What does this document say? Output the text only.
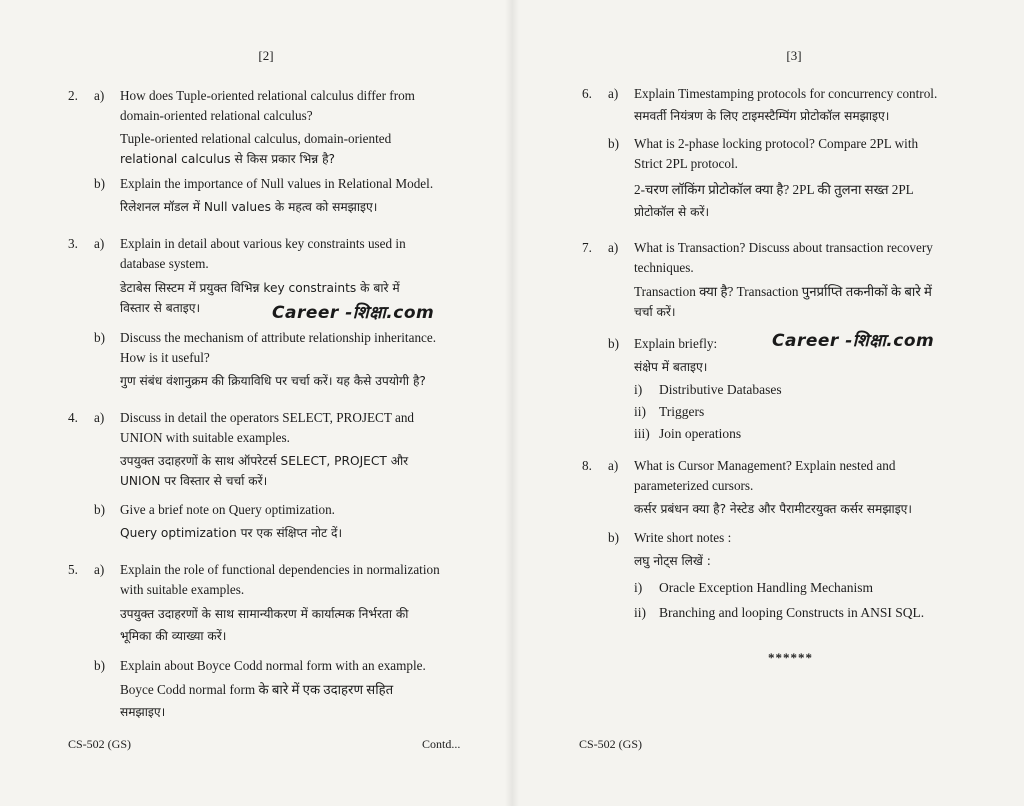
[2]
2.	a) How does Tuple-oriented relational calculus differ from
domain-oriented relational calculus?
Tuple-oriented relational calculus, domain-oriented
relational calculus से किस प्रकार भिन्न है?
b) Explain the importance of Null values in Relational Model.
रिलेशनल मॉडल में Null values के महत्व को समझाइए।
3.	a) Explain in detail about various key constraints used in
database system.
डेटाबेस सिस्टम में प्रयुक्त विभिन्न key constraints के बारे में
विस्तार से बताइए।	Career -शिक्षा.com
b) Discuss the mechanism of attribute relationship inheritance.
How is it useful?
गुण संबंध वंशानुक्रम की क्रियाविधि पर चर्चा करें। यह कैसे उपयोगी है?
4.	a) Discuss in detail the operators SELECT, PROJECT and
UNION with suitable examples.
उपयुक्त उदाहरणों के साथ ऑपरेटर्स SELECT, PROJECT और
UNION पर विस्तार से चर्चा करें।
b) Give a brief note on Query optimization.
Query optimization पर एक संक्षिप्त नोट दें।
5.	a) Explain the role of functional dependencies in normalization
with suitable examples.
उपयुक्त उदाहरणों के साथ सामान्यीकरण में कार्यात्मक निर्भरता की
भूमिका की व्याख्या करें।
b) Explain about Boyce Codd normal form with an example.
Boyce Codd normal form के बारे में एक उदाहरण सहित
समझाइए।
CS-502 (GS)	Contd...
[3]
6.	a) Explain Timestamping protocols for concurrency control.
समवर्ती नियंत्रण के लिए टाइमस्टैम्पिंग प्रोटोकॉल समझाइए।
b) What is 2-phase locking protocol? Compare 2PL with
Strict 2PL protocol.
2-चरण लॉकिंग प्रोटोकॉल क्या है? 2PL की तुलना सख्त 2PL
प्रोटोकॉल से करें।
7.	a) What is Transaction? Discuss about transaction recovery
techniques.
Transaction क्या है? Transaction पुनर्प्राप्ति तकनीकों के बारे में
चर्चा करें।
b) Explain briefly:
संक्षेप में बताइए।
Career -शिक्षा.com
i)	Distributive Databases
ii) Triggers
iii) Join operations
8.	a) What is Cursor Management? Explain nested and
parameterized cursors.
कर्सर प्रबंधन क्या है? नेस्टेड और पैरामीटरयुक्त कर्सर समझाइए।
b) Write short notes :
लघु नोट्स लिखें :
i)	Oracle Exception Handling Mechanism
ii) Branching and looping Constructs in ANSI SQL.
******
CS-502 (GS)
